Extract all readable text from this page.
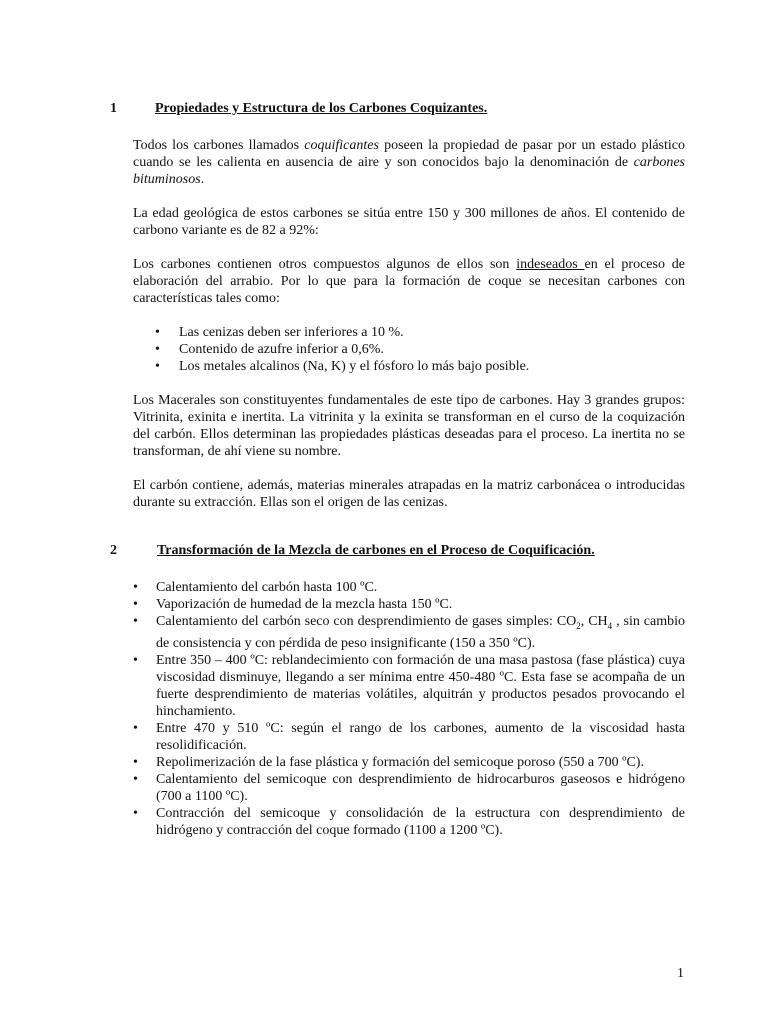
1	Propiedades y Estructura de los Carbones Coquizantes.

Todos los carbones llamados coquificantes poseen la propiedad de pasar por un estado plástico cuando se les calienta en ausencia de aire y son conocidos bajo la denominación de carbones bituminosos.

La edad geológica de estos carbones se sitúa entre 150 y 300 millones de años. El contenido de carbono variante es de 82 a 92%:

Los carbones contienen otros compuestos algunos de ellos son indeseados en el proceso de elaboración del arrabio. Por lo que para la formación de coque se necesitan carbones con características tales como:

• Las cenizas deben ser inferiores a 10 %.
• Contenido de azufre inferior a 0,6%.
• Los metales alcalinos (Na, K) y el fósforo lo más bajo posible.

Los Macerales son constituyentes fundamentales de este tipo de carbones. Hay 3 grandes grupos: Vitrinita, exinita e inertita. La vitrinita y la exinita se transforman en el curso de la coquización del carbón. Ellos determinan las propiedades plásticas deseadas para el proceso. La inertita no se transforman, de ahí viene su nombre.

El carbón contiene, además, materias minerales atrapadas en la matriz carbonácea o introducidas durante su extracción. Ellas son el origen de las cenizas.

2	Transformación de la Mezcla de carbones en el Proceso de Coquificación.
• Calentamiento del carbón hasta 100 ºC.
• Vaporización de humedad de la mezcla hasta 150 ºC.
• Calentamiento del carbón seco con desprendimiento de gases simples: $CO_2$, $CH_4$ , sin cambio de consistencia y con pérdida de peso insignificante (150 a 350 ºC).
• Entre 350 – 400 ºC: reblandecimiento con formación de una masa pastosa (fase plástica) cuya viscosidad disminuye, llegando a ser mínima entre 450-480 ºC. Esta fase se acompaña de un fuerte desprendimiento de materias volátiles, alquitrán y productos pesados provocando el hinchamiento.
• Entre 470 y 510 ºC: según el rango de los carbones, aumento de la viscosidad hasta resolidificación.
• Repolimerización de la fase plástica y formación del semicoque poroso (550 a 700 ºC).
• Calentamiento del semicoque con desprendimiento de hidrocarburos gaseosos e hidrógeno (700 a 1100 ºC).
• Contracción del semicoque y consolidación de la estructura con desprendimiento de hidrógeno y contracción del coque formado (1100 a 1200 ºC).
1
